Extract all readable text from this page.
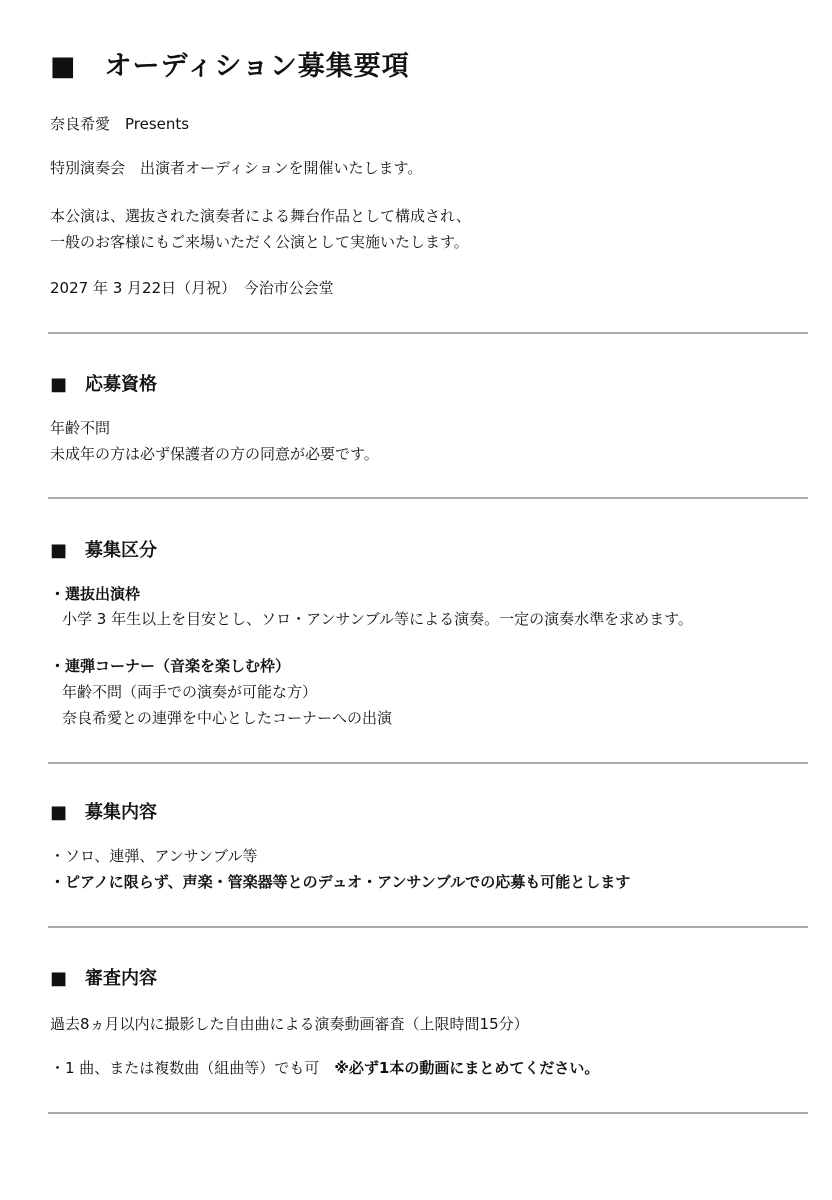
■　オーディション募集要項
奈良希愛　Presents
特別演奏会　出演者オーディションを開催いたします。
本公演は、選抜された演奏者による舞台作品として構成され、
一般のお客様にもご来場いただく公演として実施いたします。
2027 年 3 月22日（月祝）　今治市公会堂
■　応募資格
年齢不問
未成年の方は必ず保護者の方の同意が必要です。
■　募集区分
・選抜出演枠
小学 3 年生以上を目安とし、ソロ・アンサンブル等による演奏。一定の演奏水準を求めます。
・連弾コーナー（音楽を楽しむ枠）
年齢不問（両手での演奏が可能な方）
奈良希愛との連弾を中心としたコーナーへの出演
■　募集内容
・ソロ、連弾、アンサンブル等
・ピアノに限らず、声楽・管楽器等とのデュオ・アンサンブルでの応募も可能とします
■　審査内容
過去8ヵ月以内に撮影した自由曲による演奏動画審査（上限時間15分）
・1 曲、または複数曲（組曲等）でも可　※必ず1本の動画にまとめてください。
